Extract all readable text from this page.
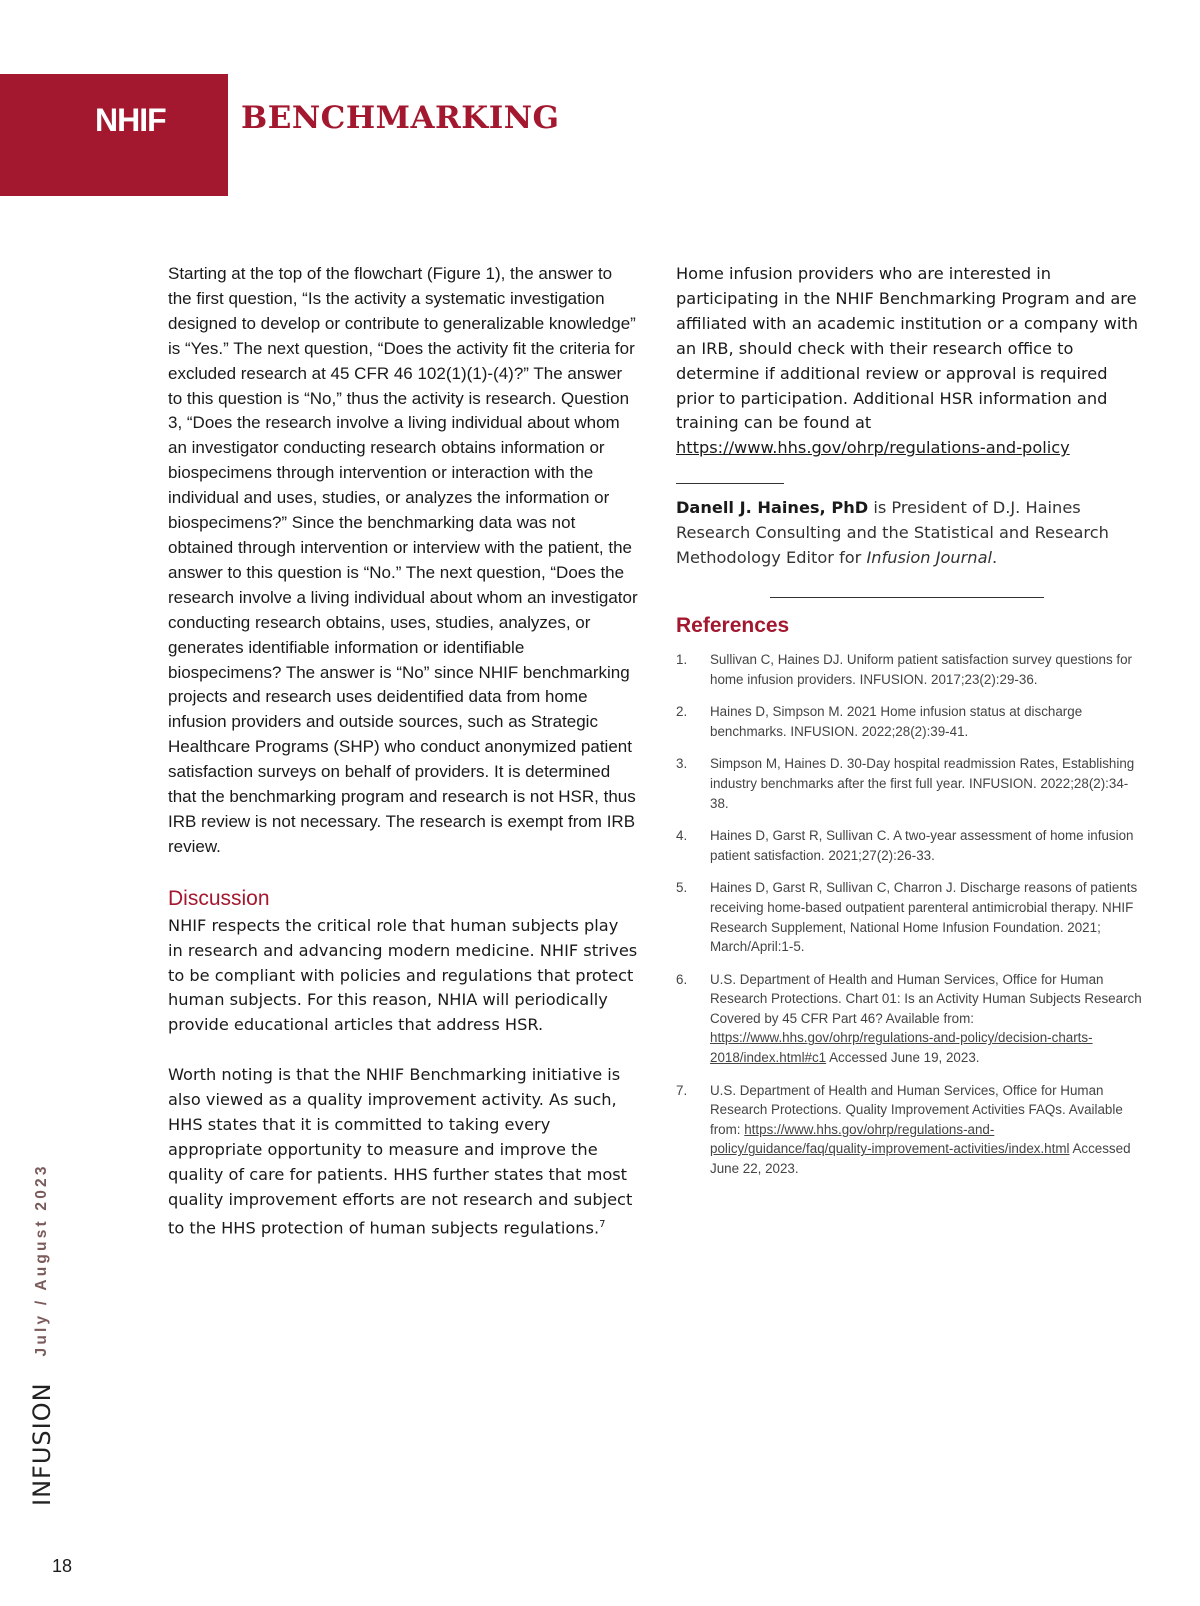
NHIF	BENCHMARKING

Starting at the top of the flowchart (Figure 1), the answer to the first question, “Is the activity a systematic investigation designed to develop or contribute to generalizable knowledge” is “Yes.” The next question, “Does the activity fit the criteria for excluded research at 45 CFR 46 102(1)(1)-(4)?” The answer to this question is “No,” thus the activity is research. Question 3, “Does the research involve a living individual about whom an investigator conducting research obtains information or biospecimens through intervention or interaction with the individual and uses, studies, or analyzes the information or biospecimens?” Since the benchmarking data was not obtained through intervention or interview with the patient, the answer to this question is “No.” The next question, “Does the research involve a living individual about whom an investigator conducting research obtains, uses, studies, analyzes, or generates identifiable information or identifiable biospecimens? The answer is “No” since NHIF benchmarking projects and research uses deidentified data from home infusion providers and outside sources, such as Strategic Healthcare Programs (SHP) who conduct anonymized patient satisfaction surveys on behalf of providers. It is determined that the benchmarking program and research is not HSR, thus IRB review is not necessary. The research is exempt from IRB review.

Discussion

NHIF respects the critical role that human subjects play in research and advancing modern medicine. NHIF strives to be compliant with policies and regulations that protect human subjects. For this reason, NHIA will periodically provide educational articles that address HSR.

Worth noting is that the NHIF Benchmarking initiative is also viewed as a quality improvement activity. As such, HHS states that it is committed to taking every appropriate opportunity to measure and improve the quality of care for patients. HHS further states that most quality improvement efforts are not research and subject to the HHS protection of human subjects regulations.$^7$

Home infusion providers who are interested in participating in the NHIF Benchmarking Program and are affiliated with an academic institution or a company with an IRB, should check with their research office to determine if additional review or approval is required prior to participation. Additional HSR information and training can be found at https://www.hhs.gov/ohrp/regulations-and-policy

Danell J. Haines, PhD is President of D.J. Haines Research Consulting and the Statistical and Research Methodology Editor for Infusion Journal.

References
1. Sullivan C, Haines DJ. Uniform patient satisfaction survey questions for home infusion providers. INFUSION. 2017;23(2):29-36.
2. Haines D, Simpson M. 2021 Home infusion status at discharge benchmarks. INFUSION. 2022;28(2):39-41.
3. Simpson M, Haines D. 30-Day hospital readmission Rates, Establishing industry benchmarks after the first full year. INFUSION. 2022;28(2):34-38.
4. Haines D, Garst R, Sullivan C. A two-year assessment of home infusion patient satisfaction. 2021;27(2):26-33.
5. Haines D, Garst R, Sullivan C, Charron J. Discharge reasons of patients receiving home-based outpatient parenteral antimicrobial therapy. NHIF Research Supplement, National Home Infusion Foundation. 2021; March/April:1-5.
6. U.S. Department of Health and Human Services, Office for Human Research Protections. Chart 01: Is an Activity Human Subjects Research Covered by 45 CFR Part 46? Available from: https://www.hhs.gov/ohrp/regulations-and-policy/decision-charts-2018/index.html#c1 Accessed June 19, 2023.
7. U.S. Department of Health and Human Services, Office for Human Research Protections. Quality Improvement Activities FAQs. Available from: https://www.hhs.gov/ohrp/regulations-and-policy/guidance/faq/quality-improvement-activities/index.html Accessed June 22, 2023.
INFUSION
July / August 2023
18
